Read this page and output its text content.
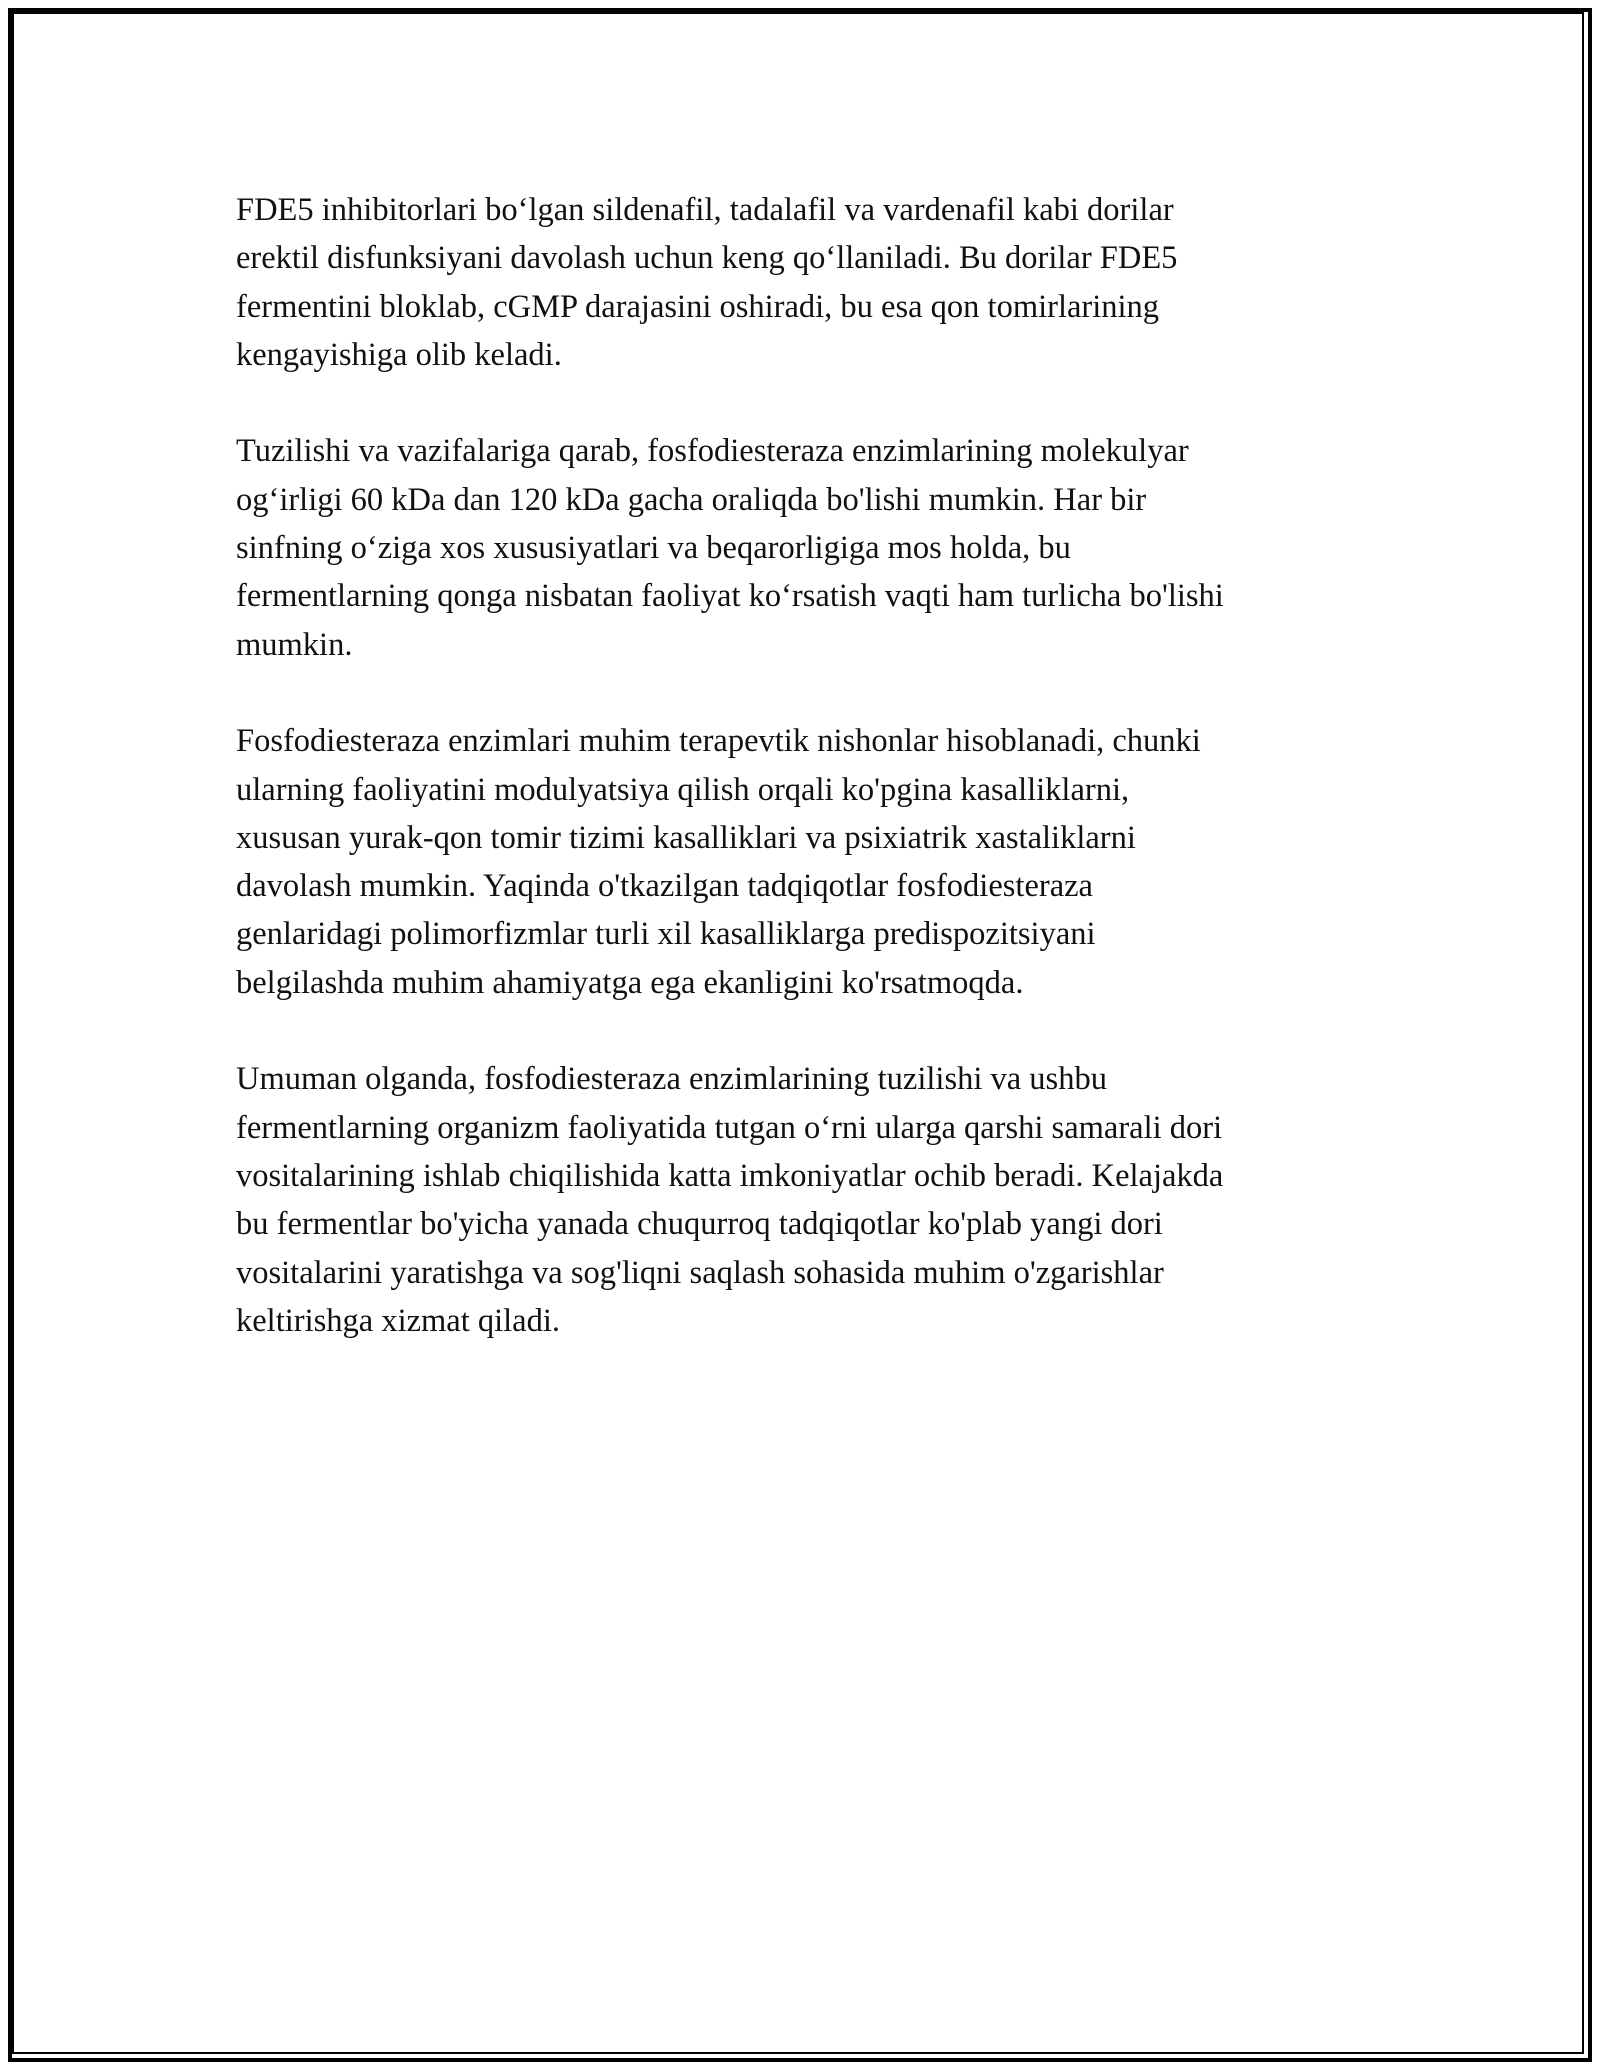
FDE5 inhibitorlari bo‘lgan sildenafil, tadalafil va vardenafil kabi dorilar
erektil disfunksiyani davolash uchun keng qo‘llaniladi. Bu dorilar FDE5
fermentini bloklab, cGMP darajasini oshiradi, bu esa qon tomirlarining
kengayishiga olib keladi.

Tuzilishi va vazifalariga qarab, fosfodiesteraza enzimlarining molekulyar
og‘irligi 60 kDa dan 120 kDa gacha oraliqda bo'lishi mumkin. Har bir
sinfning o‘ziga xos xususiyatlari va beqarorligiga mos holda, bu
fermentlarning qonga nisbatan faoliyat ko‘rsatish vaqti ham turlicha bo'lishi
mumkin.

Fosfodiesteraza enzimlari muhim terapevtik nishonlar hisoblanadi, chunki
ularning faoliyatini modulyatsiya qilish orqali ko'pgina kasalliklarni,
xususan yurak-qon tomir tizimi kasalliklari va psixiatrik xastaliklarni
davolash mumkin. Yaqinda o'tkazilgan tadqiqotlar fosfodiesteraza
genlaridagi polimorfizmlar turli xil kasalliklarga predispozitsiyani
belgilashda muhim ahamiyatga ega ekanligini ko'rsatmoqda.

Umuman olganda, fosfodiesteraza enzimlarining tuzilishi va ushbu
fermentlarning organizm faoliyatida tutgan o‘rni ularga qarshi samarali dori
vositalarining ishlab chiqilishida katta imkoniyatlar ochib beradi. Kelajakda
bu fermentlar bo'yicha yanada chuqurroq tadqiqotlar ko'plab yangi dori
vositalarini yaratishga va sog'liqni saqlash sohasida muhim o'zgarishlar
keltirishga xizmat qiladi.
